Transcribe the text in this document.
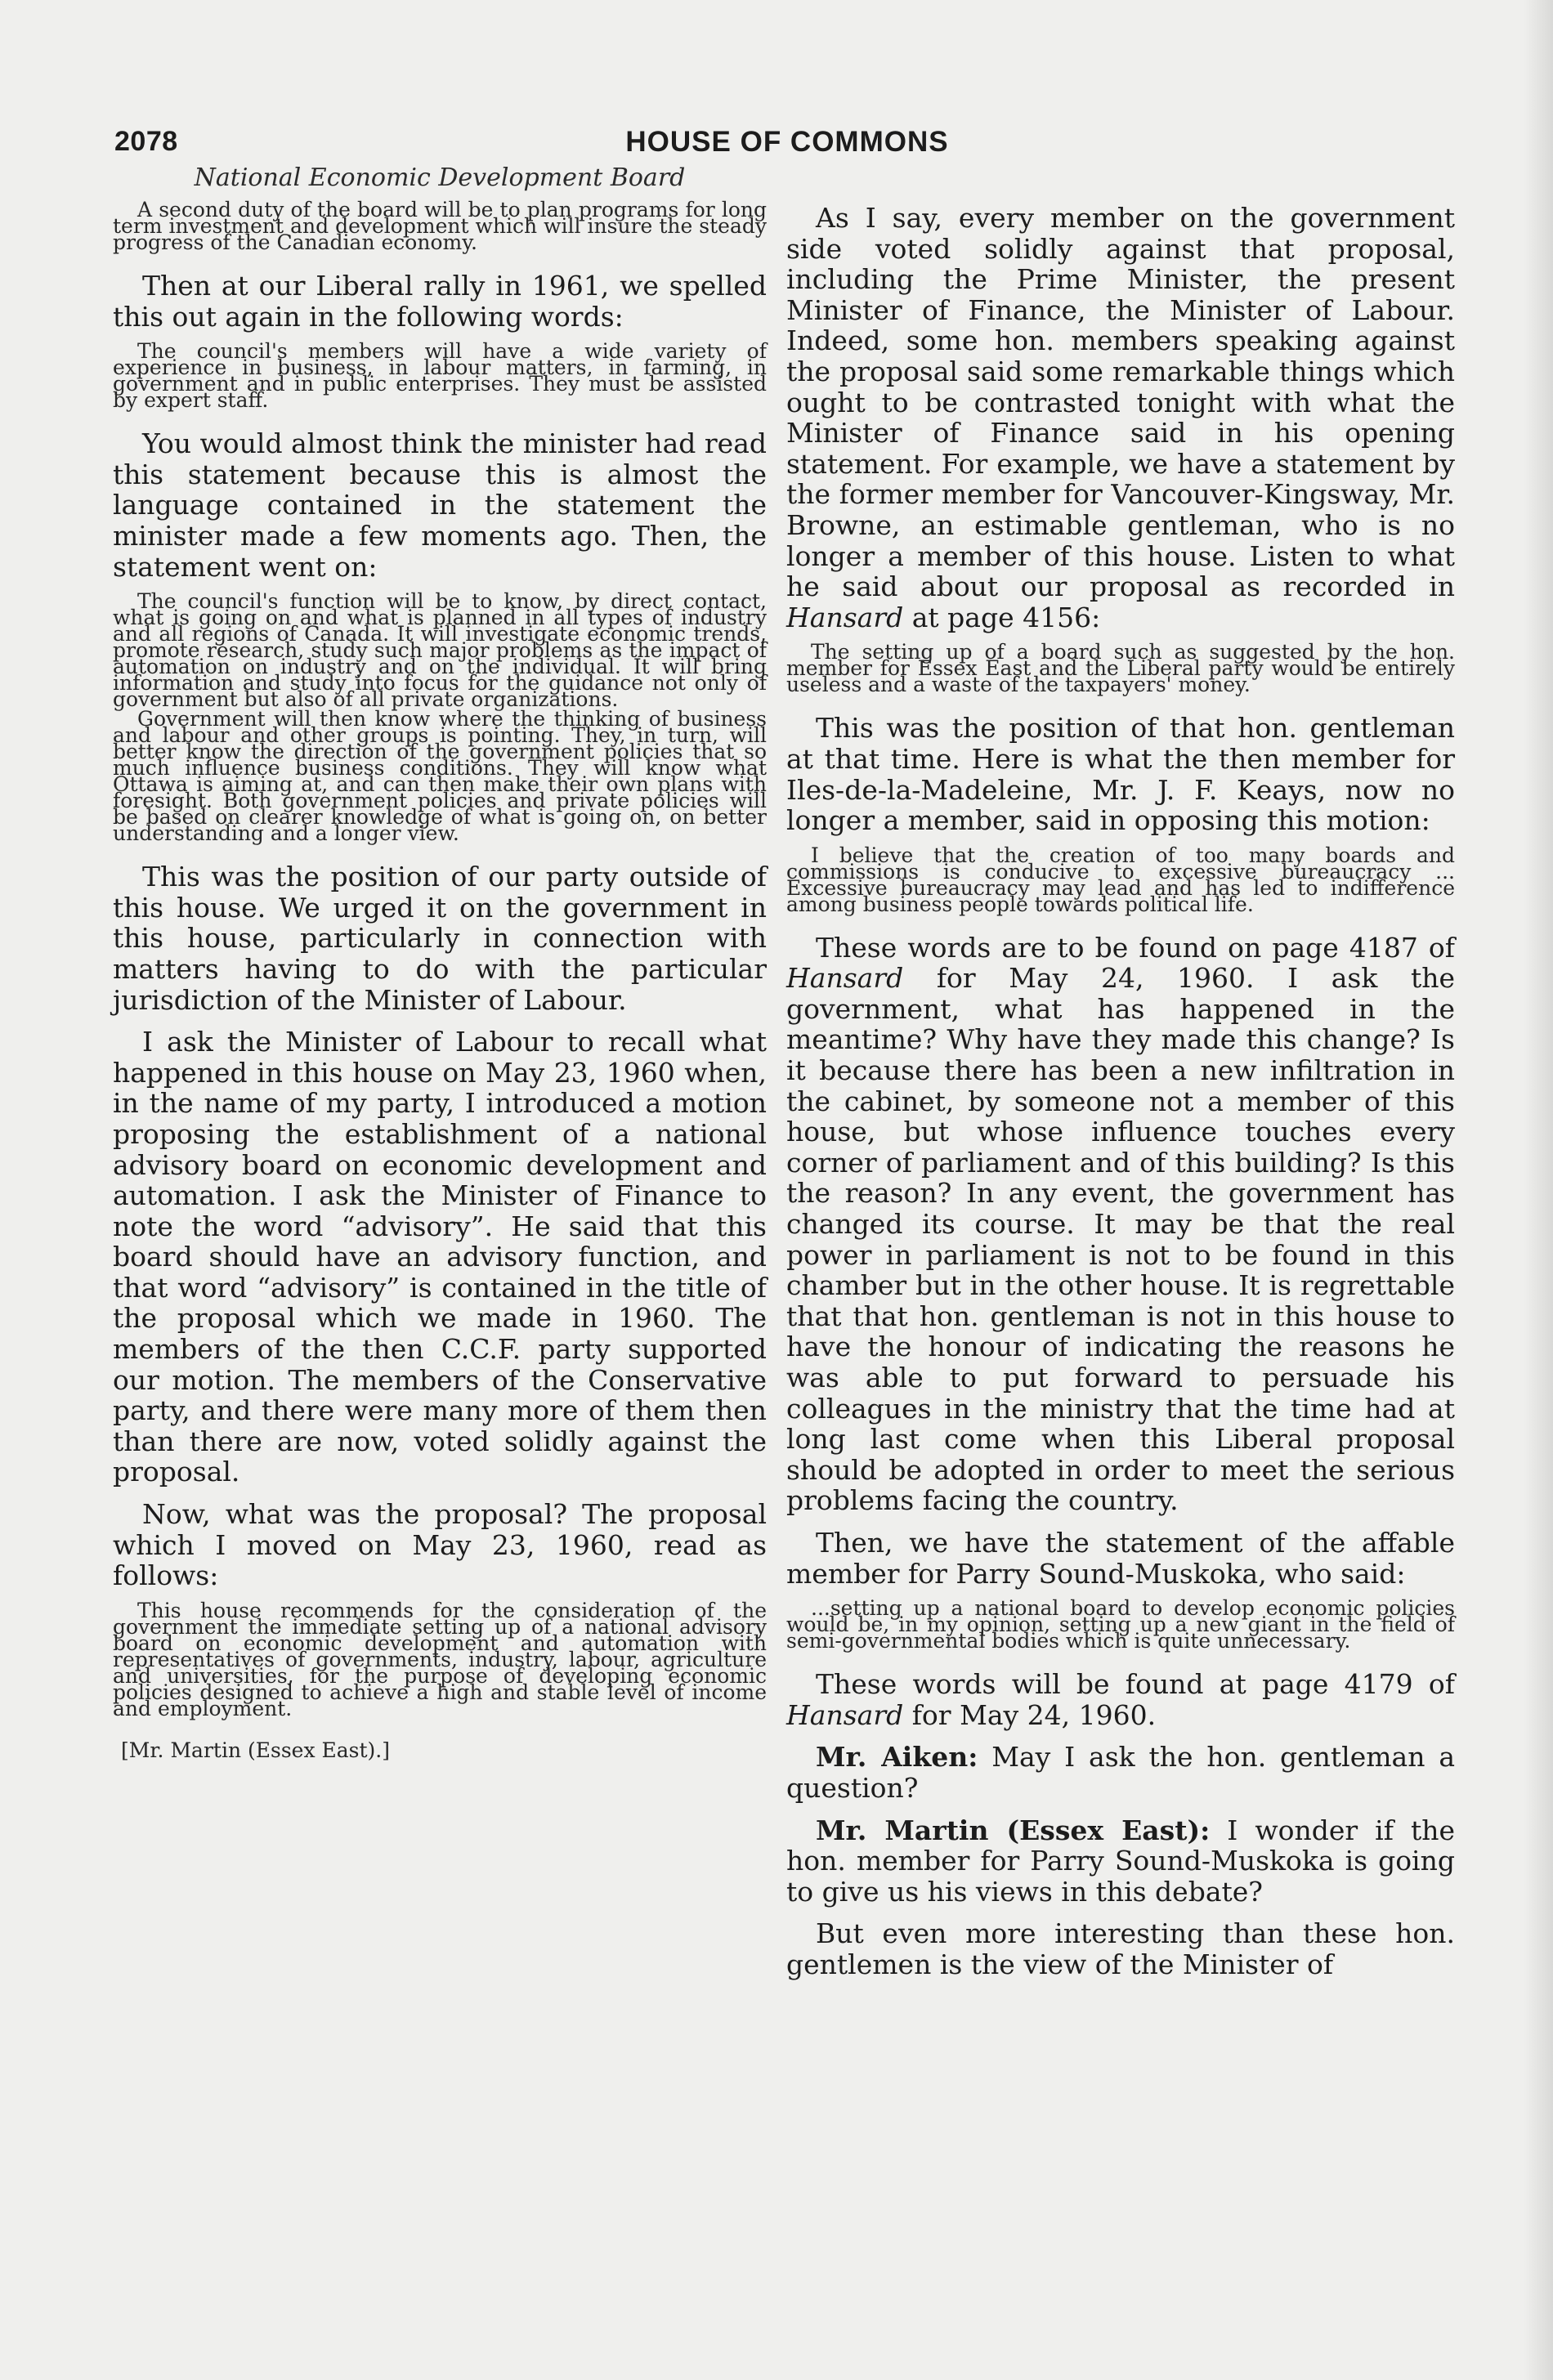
2078	HOUSE OF COMMONS
National Economic Development Board

A second duty of the board will be to plan programs for long term investment and development which will insure the steady progress of the Canadian economy.

Then at our Liberal rally in 1961, we spelled this out again in the following words:

The council's members will have a wide variety of experience in business, in labour matters, in farming, in government and in public enterprises. They must be assisted by expert staff.

You would almost think the minister had read this statement because this is almost the language contained in the statement the minister made a few moments ago. Then, the statement went on:

The council's function will be to know, by direct contact, what is going on and what is planned in all types of industry and all regions of Canada. It will investigate economic trends, promote research, study such major problems as the impact of automation on industry and on the individual. It will bring information and study into focus for the guidance not only of government but also of all private organizations.

Government will then know where the thinking of business and labour and other groups is pointing. They, in turn, will better know the direction of the government policies that so much influence business conditions. They will know what Ottawa is aiming at, and can then make their own plans with foresight. Both government policies and private policies will be based on clearer knowledge of what is going on, on better understanding and a longer view.

This was the position of our party outside of this house. We urged it on the government in this house, particularly in connection with matters having to do with the particular jurisdiction of the Minister of Labour.

I ask the Minister of Labour to recall what happened in this house on May 23, 1960 when, in the name of my party, I introduced a motion proposing the establishment of a national advisory board on economic development and automation. I ask the Minister of Finance to note the word “advisory”. He said that this board should have an advisory function, and that word “advisory” is contained in the title of the proposal which we made in 1960. The members of the then C.C.F. party supported our motion. The members of the Conservative party, and there were many more of them then than there are now, voted solidly against the proposal.

Now, what was the proposal? The proposal which I moved on May 23, 1960, read as follows:

This house recommends for the consideration of the government the immediate setting up of a national advisory board on economic development and automation with representatives of governments, industry, labour, agriculture and universities, for the purpose of developing economic policies designed to achieve a high and stable level of income and employment.

[Mr. Martin (Essex East).]

As I say, every member on the government side voted solidly against that proposal, including the Prime Minister, the present Minister of Finance, the Minister of Labour. Indeed, some hon. members speaking against the proposal said some remarkable things which ought to be contrasted tonight with what the Minister of Finance said in his opening statement. For example, we have a statement by the former member for Vancouver-Kingsway, Mr. Browne, an estimable gentleman, who is no longer a member of this house. Listen to what he said about our proposal as recorded in Hansard at page 4156:

The setting up of a board such as suggested by the hon. member for Essex East and the Liberal party would be entirely useless and a waste of the taxpayers' money.

This was the position of that hon. gentleman at that time. Here is what the then member for Iles-de-la-Madeleine, Mr. J. F. Keays, now no longer a member, said in opposing this motion:

I believe that the creation of too many boards and commissions is conducive to excessive bureaucracy ... Excessive bureaucracy may lead and has led to indifference among business people towards political life.

These words are to be found on page 4187 of Hansard for May 24, 1960. I ask the government, what has happened in the meantime? Why have they made this change? Is it because there has been a new infiltration in the cabinet, by someone not a member of this house, but whose influence touches every corner of parliament and of this building? Is this the reason? In any event, the government has changed its course. It may be that the real power in parliament is not to be found in this chamber but in the other house. It is regrettable that that hon. gentleman is not in this house to have the honour of indicating the reasons he was able to put forward to persuade his colleagues in the ministry that the time had at long last come when this Liberal proposal should be adopted in order to meet the serious problems facing the country.

Then, we have the statement of the affable member for Parry Sound-Muskoka, who said:

...setting up a national board to develop economic policies would be, in my opinion, setting up a new giant in the field of semi-governmental bodies which is quite unnecessary.

These words will be found at page 4179 of Hansard for May 24, 1960.

Mr. Aiken: May I ask the hon. gentleman a question?

Mr. Martin (Essex East): I wonder if the hon. member for Parry Sound-Muskoka is going to give us his views in this debate?

But even more interesting than these hon. gentlemen is the view of the Minister of
